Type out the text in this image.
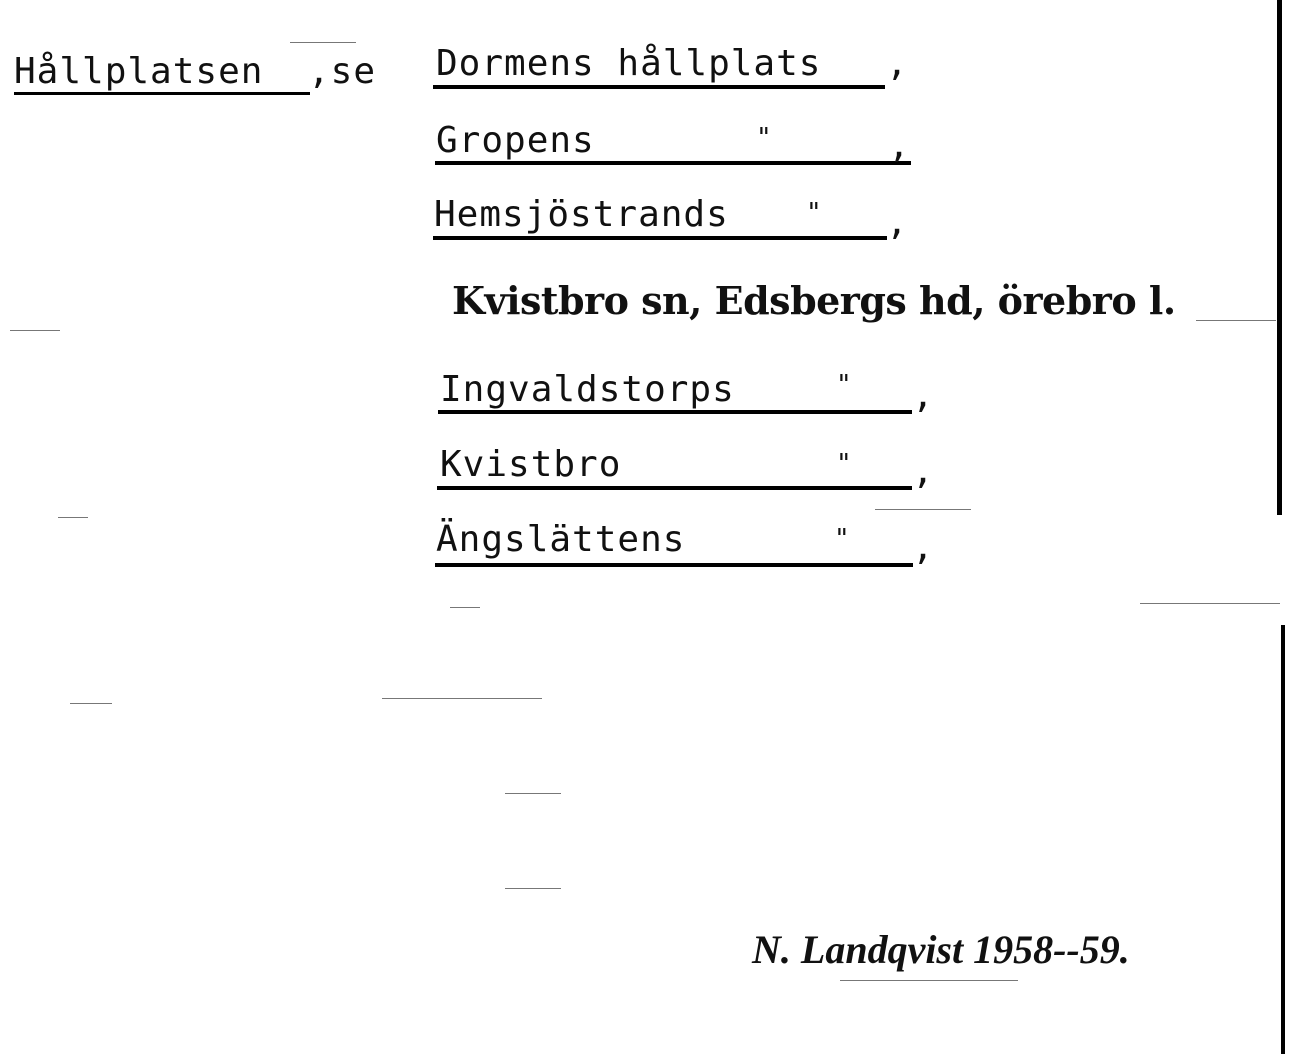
Hållplatsen ,se Dormens hållplats ,
Gropens	"	,
Hemsjöstrands	" ,
Kvistbro sn, Edsbergs hd, örebro l.
Ingvaldstorps	" ,
Kvistbro	" ,
Ängslättens	" ,
N. Landqvist 1958--59.
